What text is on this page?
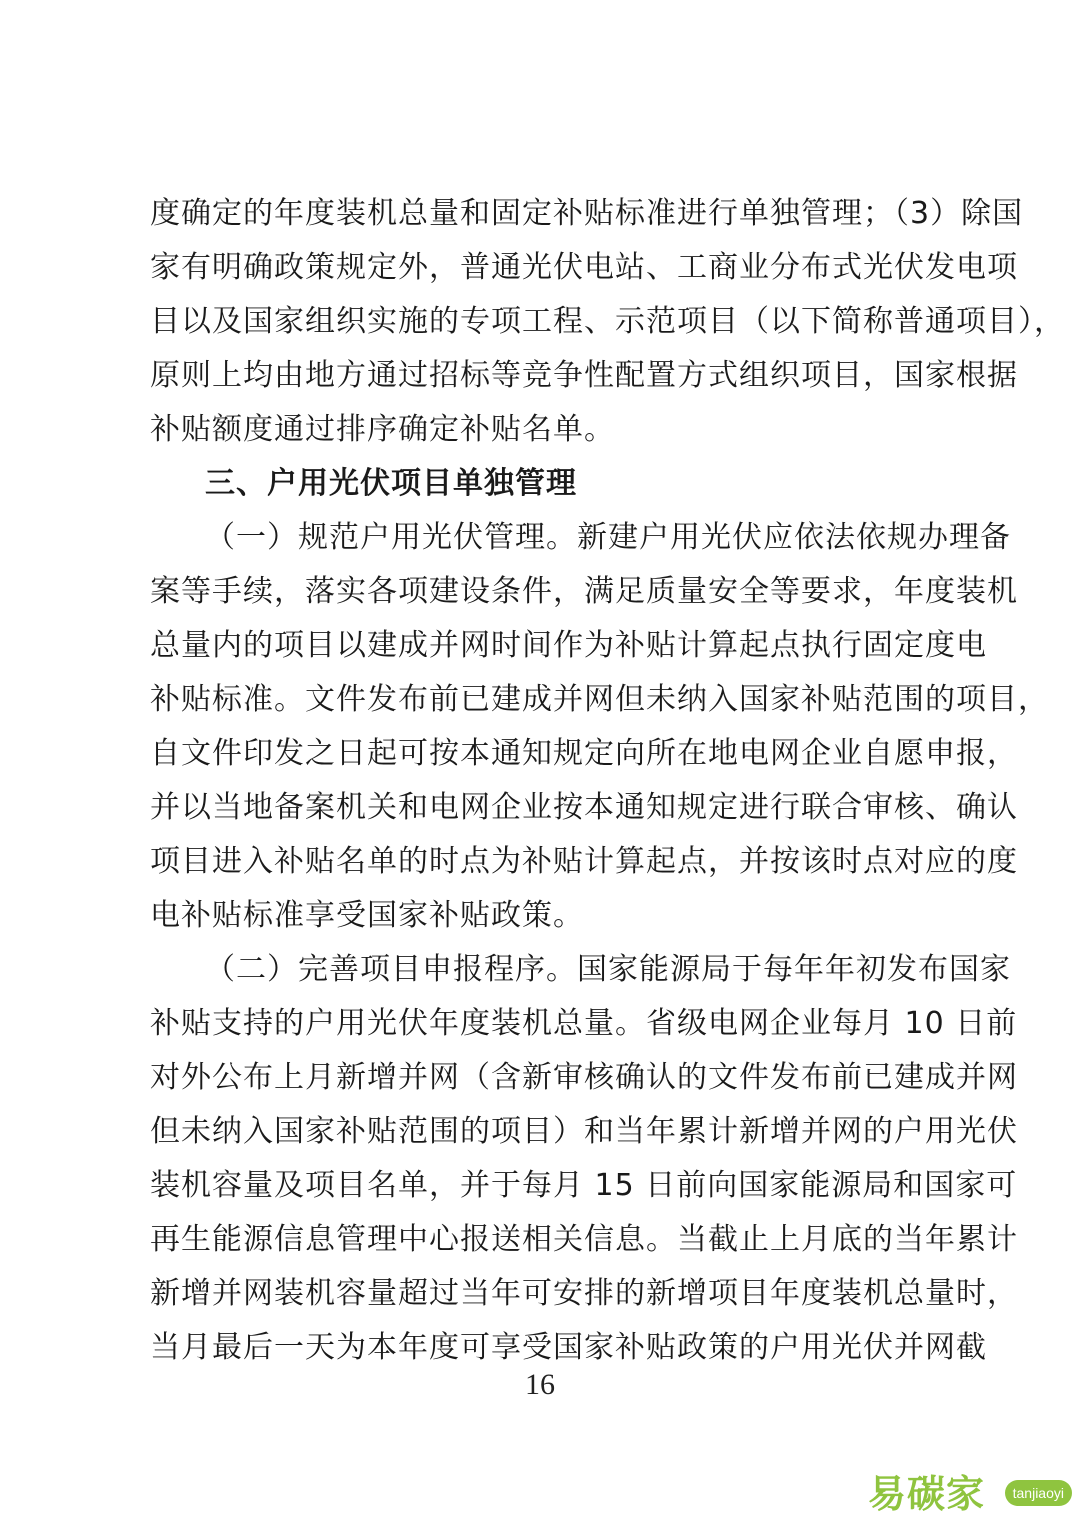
度确定的年度装机总量和固定补贴标准进行单独管理；（3）除国
家有明确政策规定外，普通光伏电站、工商业分布式光伏发电项
目以及国家组织实施的专项工程、示范项目（以下简称普通项目），
原则上均由地方通过招标等竞争性配置方式组织项目，国家根据
补贴额度通过排序确定补贴名单。
三、户用光伏项目单独管理
（一）规范户用光伏管理。新建户用光伏应依法依规办理备
案等手续，落实各项建设条件，满足质量安全等要求，年度装机
总量内的项目以建成并网时间作为补贴计算起点执行固定度电
补贴标准。文件发布前已建成并网但未纳入国家补贴范围的项目，
自文件印发之日起可按本通知规定向所在地电网企业自愿申报，
并以当地备案机关和电网企业按本通知规定进行联合审核、确认
项目进入补贴名单的时点为补贴计算起点，并按该时点对应的度
电补贴标准享受国家补贴政策。
（二）完善项目申报程序。国家能源局于每年年初发布国家
补贴支持的户用光伏年度装机总量。省级电网企业每月 10 日前
对外公布上月新增并网（含新审核确认的文件发布前已建成并网
但未纳入国家补贴范围的项目）和当年累计新增并网的户用光伏
装机容量及项目名单，并于每月 15 日前向国家能源局和国家可
再生能源信息管理中心报送相关信息。当截止上月底的当年累计
新增并网装机容量超过当年可安排的新增项目年度装机总量时，
当月最后一天为本年度可享受国家补贴政策的户用光伏并网截
16
易碳家	tanjiaoyi
